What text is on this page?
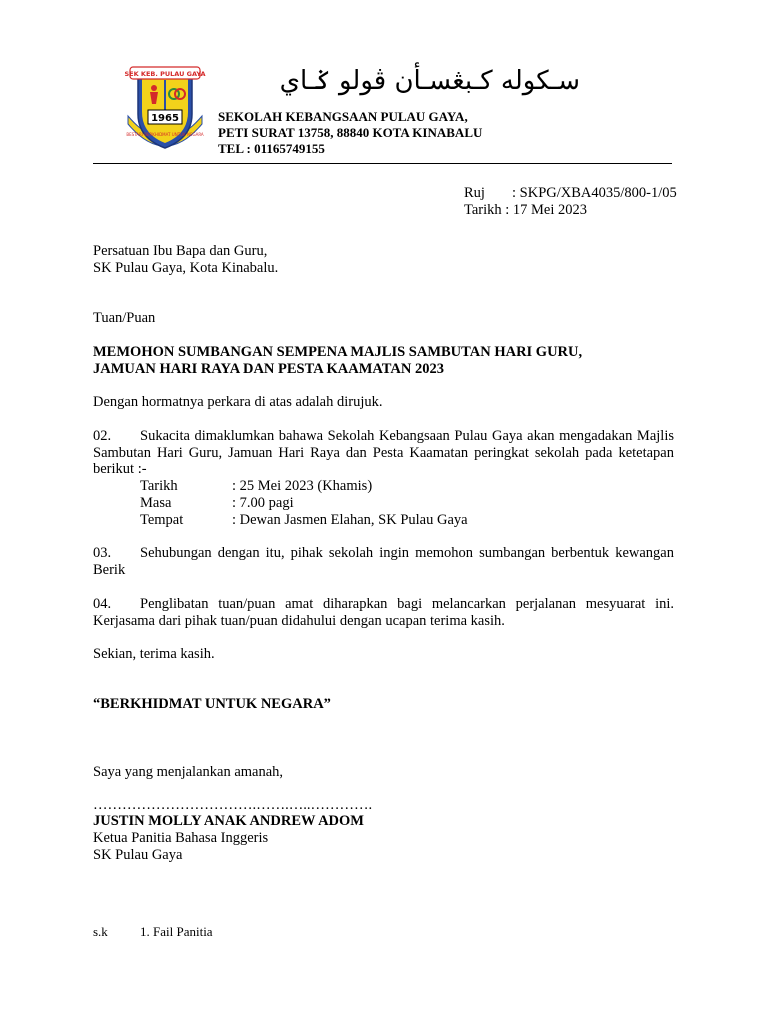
SEK KEB. PULAU GAYA
1965
BESTARI BERKHIDMAT UNTUK NEGARA
سـکوله کـبڠسـأن ڤولو ݢـاي
SEKOLAH KEBANGSAAN PULAU GAYA,
PETI SURAT 13758, 88840 KOTA KINABALU
TEL : 01165749155
Ruj : SKPG/XBA4035/800-1/05
Tarikh : 17 Mei 2023
Persatuan Ibu Bapa dan Guru,
SK Pulau Gaya, Kota Kinabalu.
Tuan/Puan
MEMOHON SUMBANGAN SEMPENA MAJLIS SAMBUTAN HARI GURU,
JAMUAN HARI RAYA DAN PESTA KAAMATAN 2023
Dengan hormatnya perkara di atas adalah dirujuk.
02. Sukacita dimaklumkan bahawa Sekolah Kebangsaan Pulau Gaya akan mengadakan Majlis Sambutan Hari Guru, Jamuan Hari Raya dan Pesta Kaamatan peringkat sekolah pada ketetapan berikut :-
Tarikh	: 25 Mei 2023 (Khamis)
Masa	: 7.00 pagi
Tempat	: Dewan Jasmen Elahan, SK Pulau Gaya
03. Sehubungan dengan itu, pihak sekolah ingin memohon sumbangan berbentuk kewangan Berik
04. Penglibatan tuan/puan amat diharapkan bagi melancarkan perjalanan mesyuarat ini. Kerjasama dari pihak tuan/puan didahului dengan ucapan terima kasih.
Sekian, terima kasih.
“BERKHIDMAT UNTUK NEGARA”
Saya yang menjalankan amanah,
…………………………….…….…..………….
JUSTIN MOLLY ANAK ANDREW ADOM
Ketua Panitia Bahasa Inggeris
SK Pulau Gaya
s.k 1. Fail Panitia
